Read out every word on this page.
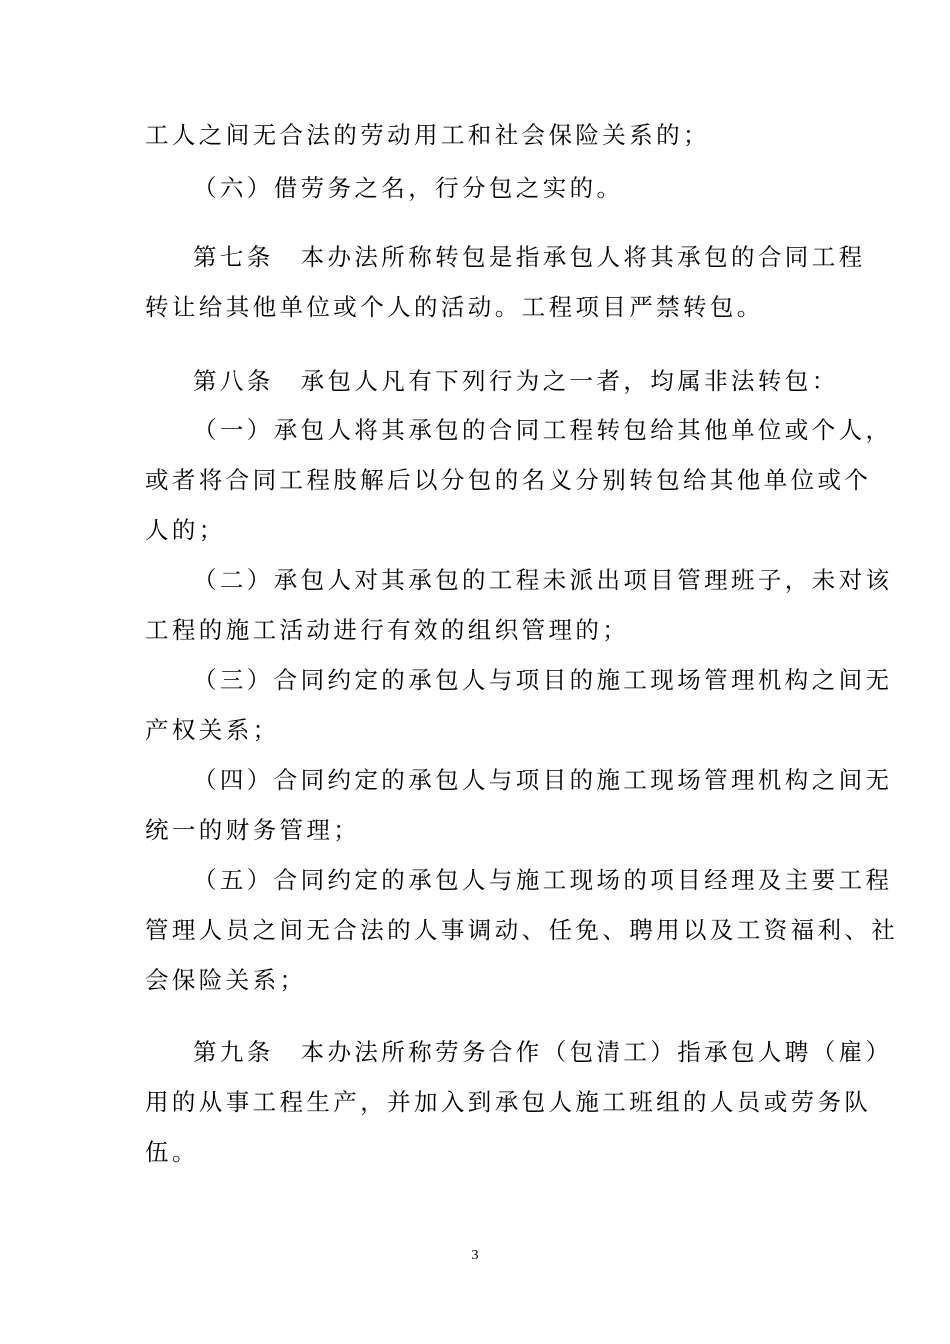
工人之间无合法的劳动用工和社会保险关系的；
（六）借劳务之名，行分包之实的。
第七条　本办法所称转包是指承包人将其承包的合同工程
转让给其他单位或个人的活动。工程项目严禁转包。
第八条　承包人凡有下列行为之一者，均属非法转包：
（一）承包人将其承包的合同工程转包给其他单位或个人，
或者将合同工程肢解后以分包的名义分别转包给其他单位或个
人的；
（二）承包人对其承包的工程未派出项目管理班子，未对该
工程的施工活动进行有效的组织管理的；
（三）合同约定的承包人与项目的施工现场管理机构之间无
产权关系；
（四）合同约定的承包人与项目的施工现场管理机构之间无
统一的财务管理；
（五）合同约定的承包人与施工现场的项目经理及主要工程
管理人员之间无合法的人事调动、任免、聘用以及工资福利、社
会保险关系；
第九条　本办法所称劳务合作（包清工）指承包人聘（雇）
用的从事工程生产，并加入到承包人施工班组的人员或劳务队
伍。
3
